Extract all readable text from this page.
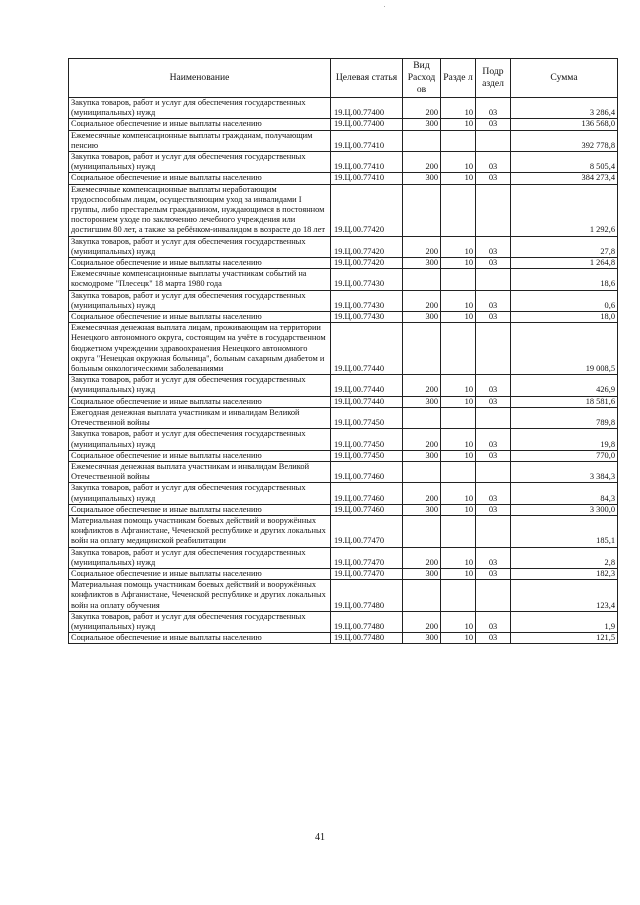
Наименование	Целевая статья	Вид Расход ов	Разде л	Подр аздел	Сумма
Закупка товаров, работ и услуг для обеспечения государственных (муниципальных) нужд	19.Ц.00.77400	200	10	03	3 286,4
Социальное обеспечение и иные выплаты населению	19.Ц.00.77400	300	10	03	136 568,0
Ежемесячные компенсационные выплаты гражданам, получающим пенсию	19.Ц.00.77410				392 778,8
Закупка товаров, работ и услуг для обеспечения государственных (муниципальных) нужд	19.Ц.00.77410	200	10	03	8 505,4
Социальное обеспечение и иные выплаты населению	19.Ц.00.77410	300	10	03	384 273,4
Ежемесячные компенсационные выплаты неработающим трудоспособным лицам, осуществляющим уход за инвалидами I группы, либо престарелым гражданином, нуждающимся в постоянном постороннем уходе по заключению лечебного учреждения или достигшим 80 лет, а также за ребёнком-инвалидом в возрасте до 18 лет	19.Ц.00.77420				1 292,6
Закупка товаров, работ и услуг для обеспечения государственных (муниципальных) нужд	19.Ц.00.77420	200	10	03	27,8
Социальное обеспечение и иные выплаты населению	19.Ц.00.77420	300	10	03	1 264,8
Ежемесячные компенсационные выплаты участникам событий на космодроме "Плесецк" 18 марта 1980 года	19.Ц.00.77430				18,6
Закупка товаров, работ и услуг для обеспечения государственных (муниципальных) нужд	19.Ц.00.77430	200	10	03	0,6
Социальное обеспечение и иные выплаты населению	19.Ц.00.77430	300	10	03	18,0
Ежемесячная денежная выплата лицам, проживающим на территории Ненецкого автономного округа, состоящим на учёте в государственном бюджетном учреждении здравоохранения Ненецкого автономного округа "Ненецкая окружная больница", больным сахарным диабетом и больным онкологическими заболеваниями	19.Ц.00.77440				19 008,5
Закупка товаров, работ и услуг для обеспечения государственных (муниципальных) нужд	19.Ц.00.77440	200	10	03	426,9
Социальное обеспечение и иные выплаты населению	19.Ц.00.77440	300	10	03	18 581,6
Ежегодная денежная выплата участникам и инвалидам Великой Отечественной войны	19.Ц.00.77450				789,8
Закупка товаров, работ и услуг для обеспечения государственных (муниципальных) нужд	19.Ц.00.77450	200	10	03	19,8
Социальное обеспечение и иные выплаты населению	19.Ц.00.77450	300	10	03	770,0
Ежемесячная денежная выплата участникам и инвалидам Великой Отечественной войны	19.Ц.00.77460				3 384,3
Закупка товаров, работ и услуг для обеспечения государственных (муниципальных) нужд	19.Ц.00.77460	200	10	03	84,3
Социальное обеспечение и иные выплаты населению	19.Ц.00.77460	300	10	03	3 300,0
Материальная помощь участникам боевых действий и вооружённых конфликтов в Афганистане, Чеченской республике и других локальных войн на оплату медицинской реабилитации	19.Ц.00.77470				185,1
Закупка товаров, работ и услуг для обеспечения государственных (муниципальных) нужд	19.Ц.00.77470	200	10	03	2,8
Социальное обеспечение и иные выплаты населению	19.Ц.00.77470	300	10	03	182,3
Материальная помощь участникам боевых действий и вооружённых конфликтов в Афганистане, Чеченской республике и других локальных войн на оплату обучения	19.Ц.00.77480				123,4
Закупка товаров, работ и услуг для обеспечения государственных (муниципальных) нужд	19.Ц.00.77480	200	10	03	1,9
Социальное обеспечение и иные выплаты населению	19.Ц.00.77480	300	10	03	121,5
41
